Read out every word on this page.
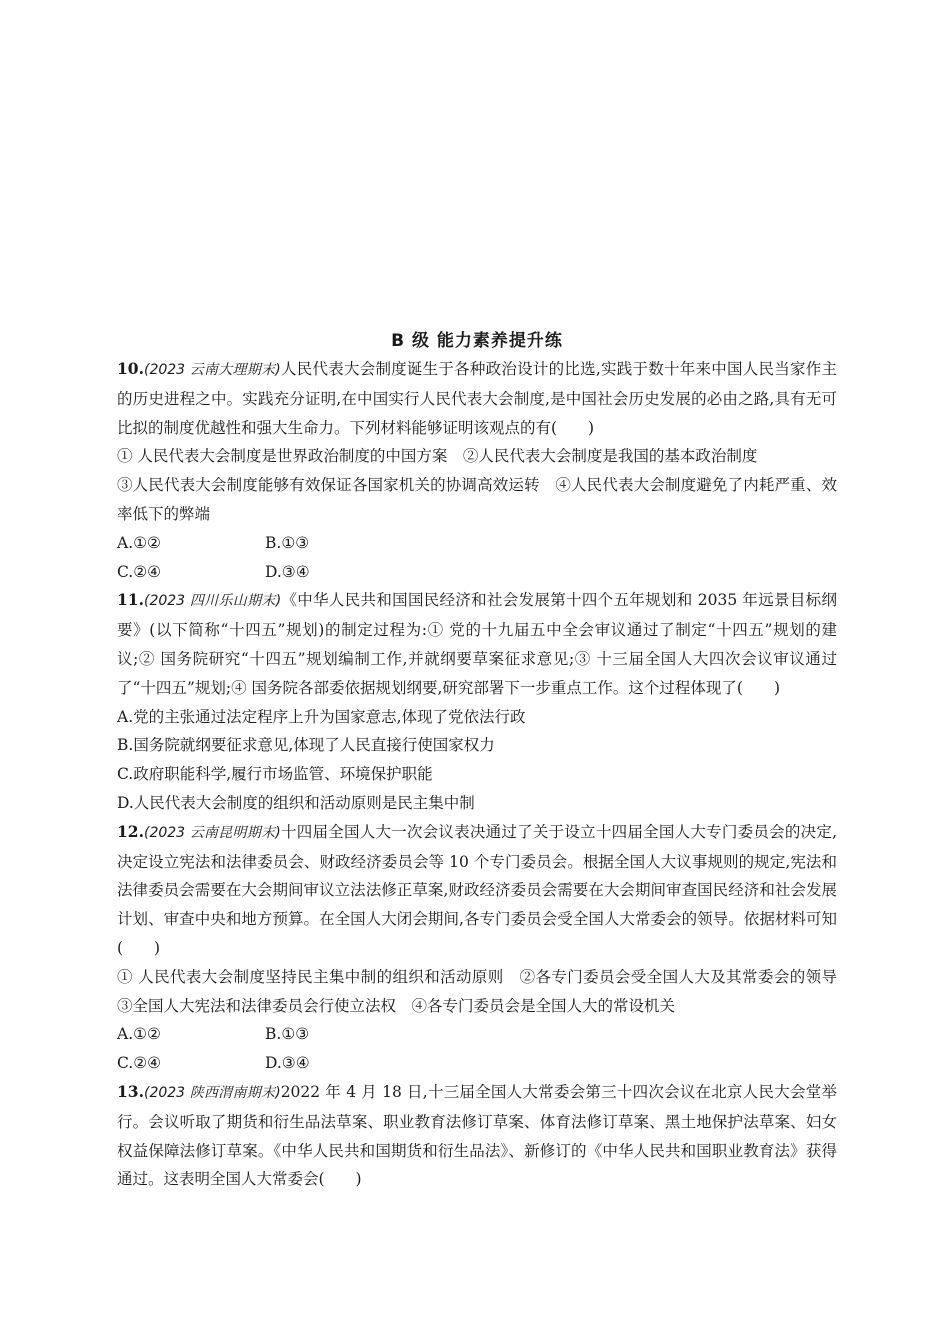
B 级 能力素养提升练
10.(2023 云南大理期末)人民代表大会制度诞生于各种政治设计的比选,实践于数十年来中国人民当家作主的历史进程之中。实践充分证明,在中国实行人民代表大会制度,是中国社会历史发展的必由之路,具有无可比拟的制度优越性和强大生命力。下列材料能够证明该观点的有(　　)
① 人民代表大会制度是世界政治制度的中国方案　②人民代表大会制度是我国的基本政治制度
③人民代表大会制度能够有效保证各国家机关的协调高效运转　④人民代表大会制度避免了内耗严重、效率低下的弊端
A.①②	B.①③
C.②④	D.③④
11.(2023 四川乐山期末)《中华人民共和国国民经济和社会发展第十四个五年规划和 2035 年远景目标纲要》(以下简称“十四五”规划)的制定过程为:① 党的十九届五中全会审议通过了制定“十四五”规划的建议;② 国务院研究“十四五”规划编制工作,并就纲要草案征求意见;③ 十三届全国人大四次会议审议通过了“十四五”规划;④ 国务院各部委依据规划纲要,研究部署下一步重点工作。这个过程体现了(　　)
A.党的主张通过法定程序上升为国家意志,体现了党依法行政
B.国务院就纲要征求意见,体现了人民直接行使国家权力
C.政府职能科学,履行市场监管、环境保护职能
D.人民代表大会制度的组织和活动原则是民主集中制
12.(2023 云南昆明期末)十四届全国人大一次会议表决通过了关于设立十四届全国人大专门委员会的决定,决定设立宪法和法律委员会、财政经济委员会等 10 个专门委员会。根据全国人大议事规则的规定,宪法和法律委员会需要在大会期间审议立法法修正草案,财政经济委员会需要在大会期间审查国民经济和社会发展计划、审查中央和地方预算。在全国人大闭会期间,各专门委员会受全国人大常委会的领导。依据材料可知(　　)
① 人民代表大会制度坚持民主集中制的组织和活动原则　②各专门委员会受全国人大及其常委会的领导　③全国人大宪法和法律委员会行使立法权　④各专门委员会是全国人大的常设机关
A.①②	B.①③
C.②④	D.③④
13.(2023 陕西渭南期末)2022 年 4 月 18 日,十三届全国人大常委会第三十四次会议在北京人民大会堂举行。会议听取了期货和衍生品法草案、职业教育法修订草案、体育法修订草案、黑土地保护法草案、妇女权益保障法修订草案。《中华人民共和国期货和衍生品法》、新修订的《中华人民共和国职业教育法》获得通过。这表明全国人大常委会(　　)
